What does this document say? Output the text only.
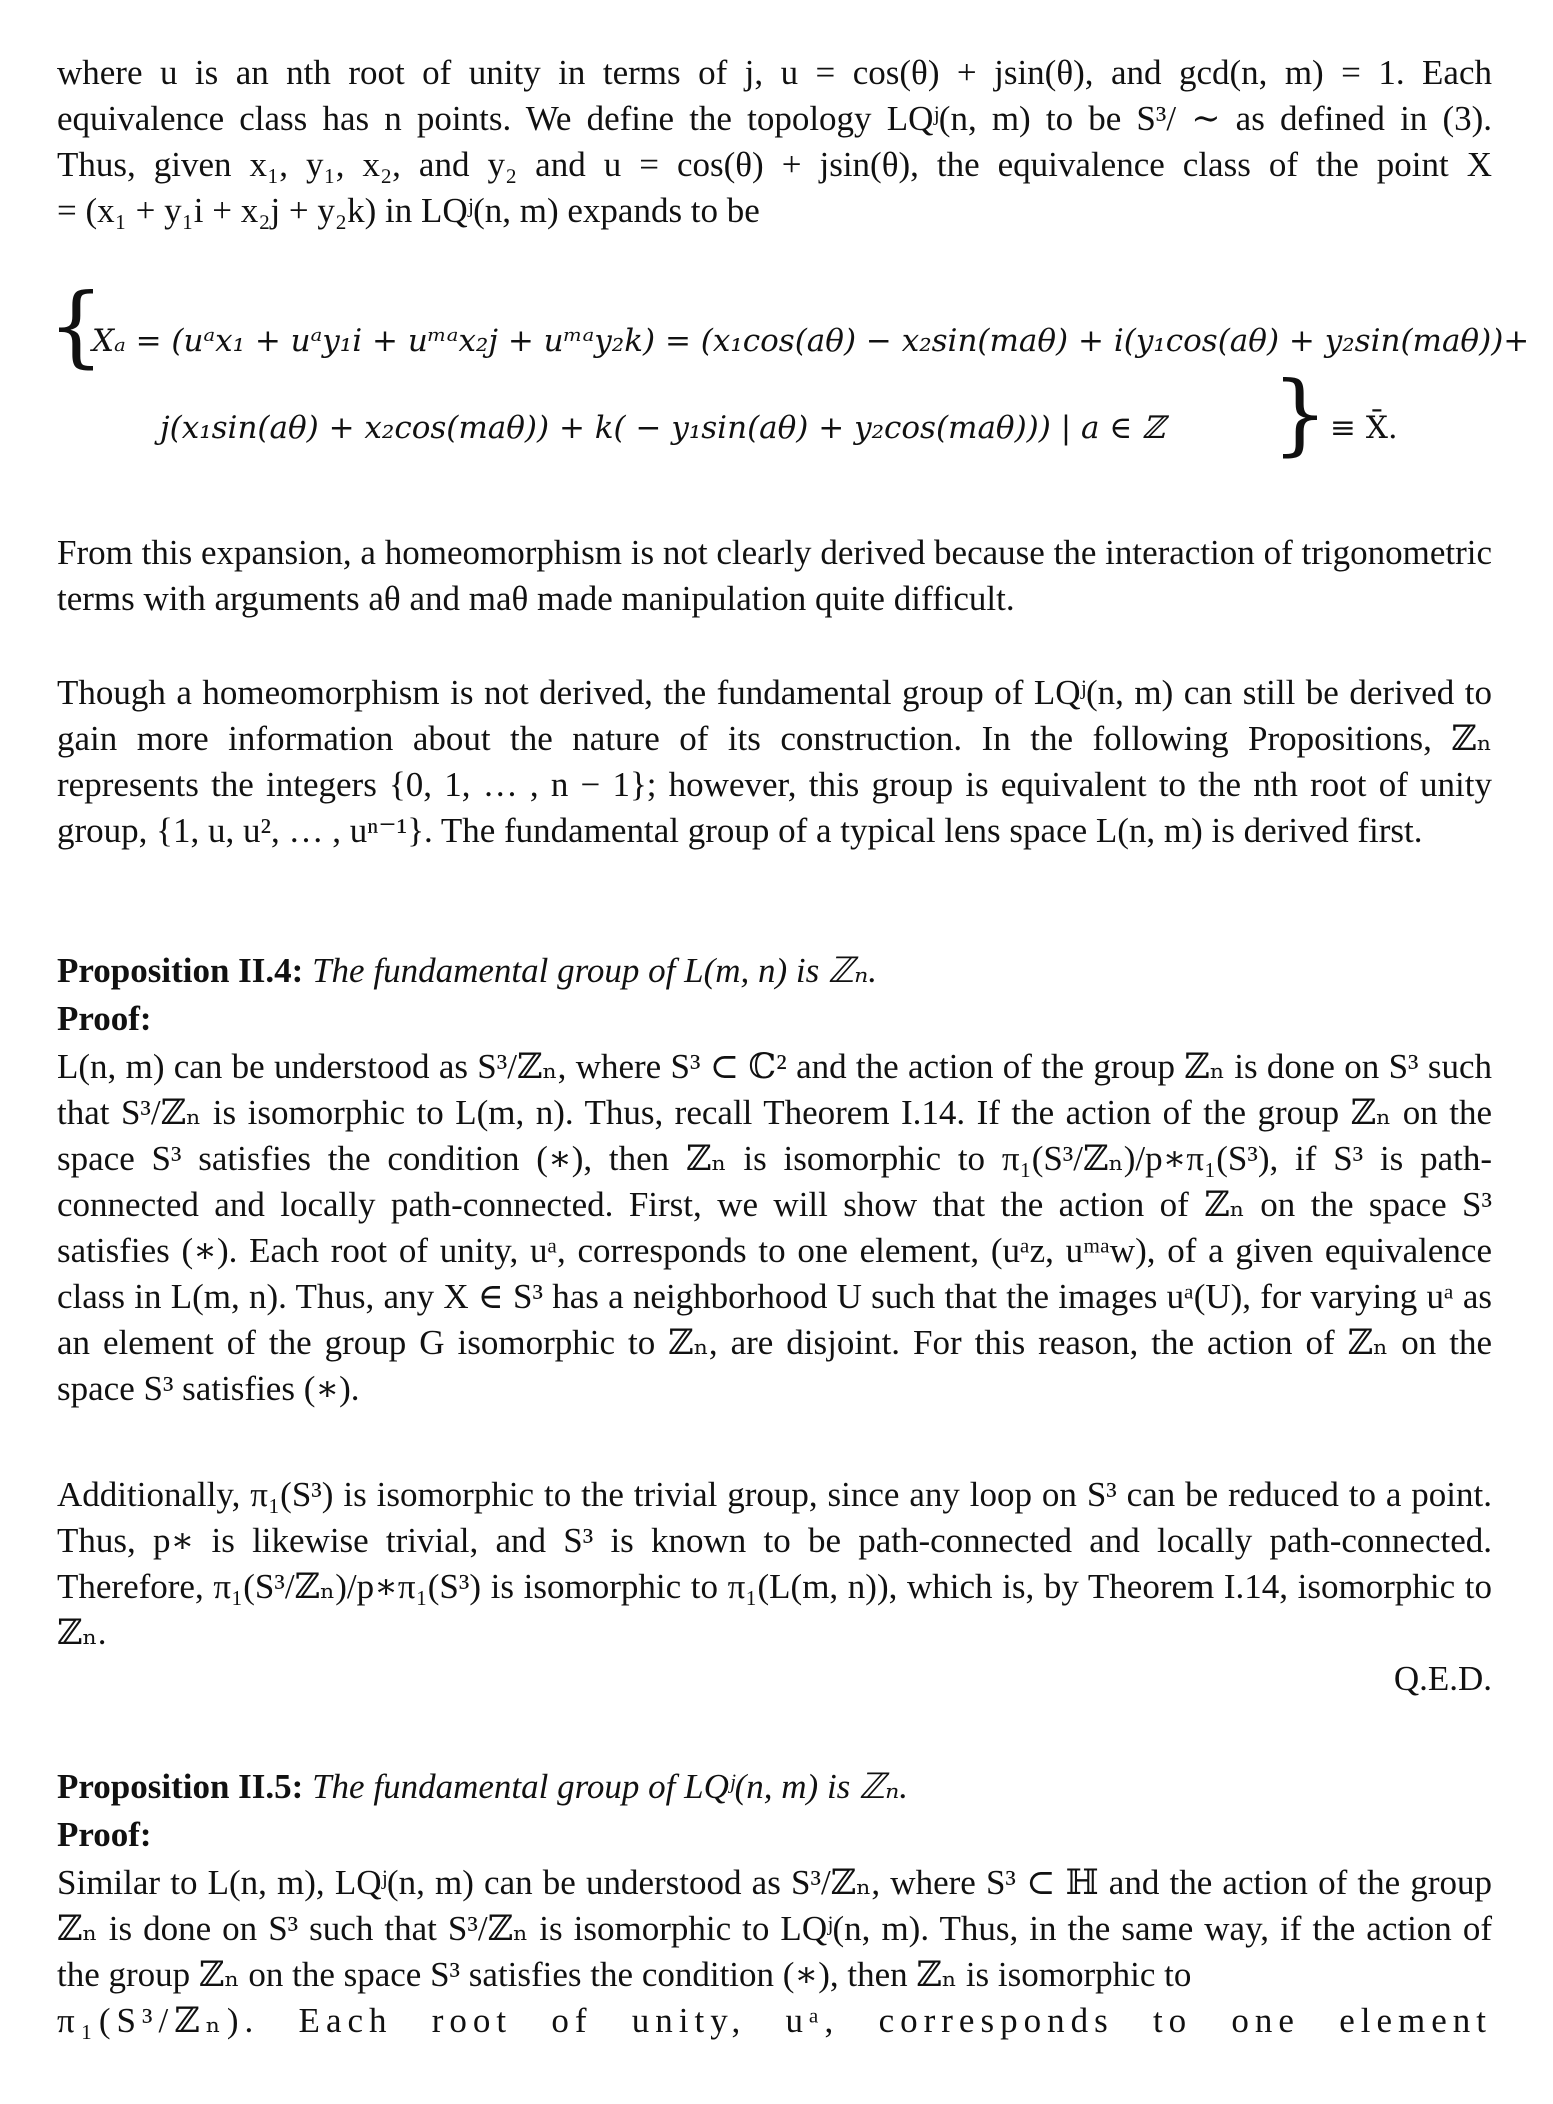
where u is an nth root of unity in terms of j, u = cos(θ) + jsin(θ), and gcd(n, m) = 1. Each
equivalence class has n points. We define the topology LQʲ(n, m) to be S³/ ∼ as defined in (3).
Thus, given x₁, y₁, x₂, and y₂ and u = cos(θ) + jsin(θ), the equivalence class of the point X
= (x₁ + y₁i + x₂j + y₂k) in LQʲ(n, m) expands to be

{
Xₐ = (uᵃx₁ + uᵃy₁i + uᵐᵃx₂j + uᵐᵃy₂k) = (x₁cos(aθ) − x₂sin(maθ) + i(y₁cos(aθ) + y₂sin(maθ))+
j(x₁sin(aθ) + x₂cos(maθ)) + k( − y₁sin(aθ) + y₂cos(maθ))) | a ∈ ℤ } ≡ X̄.

From this expansion, a homeomorphism is not clearly derived because the interaction of trigonometric terms with arguments aθ and maθ made manipulation quite difficult.

Though a homeomorphism is not derived, the fundamental group of LQʲ(n, m) can still be derived to gain more information about the nature of its construction. In the following Propositions, ℤₙ represents the integers {0, 1, … , n − 1}; however, this group is equivalent to the nth root of unity group, {1, u, u², … , uⁿ⁻¹}. The fundamental group of a typical lens space L(n, m) is derived first.

Proposition II.4: The fundamental group of L(m, n) is ℤₙ.

Proof:

L(n, m) can be understood as S³/ℤₙ, where S³ ⊂ ℂ² and the action of the group ℤₙ is done on S³ such that S³/ℤₙ is isomorphic to L(m, n). Thus, recall Theorem I.14. If the action of the group ℤₙ on the space S³ satisfies the condition (∗), then ℤₙ is isomorphic to π₁(S³/ℤₙ)/p∗π₁(S³), if S³ is path-connected and locally path-connected. First, we will show that the action of ℤₙ on the space S³ satisfies (∗). Each root of unity, uᵃ, corresponds to one element, (uᵃz, uᵐᵃw), of a given equivalence class in L(m, n). Thus, any X ∈ S³ has a neighborhood U such that the images uᵃ(U), for varying uᵃ as an element of the group G isomorphic to ℤₙ, are disjoint. For this reason, the action of ℤₙ on the space S³ satisfies (∗).

Additionally, π₁(S³) is isomorphic to the trivial group, since any loop on S³ can be reduced to a point. Thus, p∗ is likewise trivial, and S³ is known to be path-connected and locally path-connected. Therefore, π₁(S³/ℤₙ)/p∗π₁(S³) is isomorphic to π₁(L(m, n)), which is, by Theorem I.14, isomorphic to ℤₙ.

Q.E.D.

Proposition II.5: The fundamental group of LQʲ(n, m) is ℤₙ.

Proof:

Similar to L(n, m), LQʲ(n, m) can be understood as S³/ℤₙ, where S³ ⊂ ℍ and the action of the group ℤₙ is done on S³ such that S³/ℤₙ is isomorphic to LQʲ(n, m). Thus, in the same way, if the action of the group ℤₙ on the space S³ satisfies the condition (∗), then ℤₙ is isomorphic to

π₁(S³/ℤₙ). Each root of unity, uᵃ, corresponds to one element
